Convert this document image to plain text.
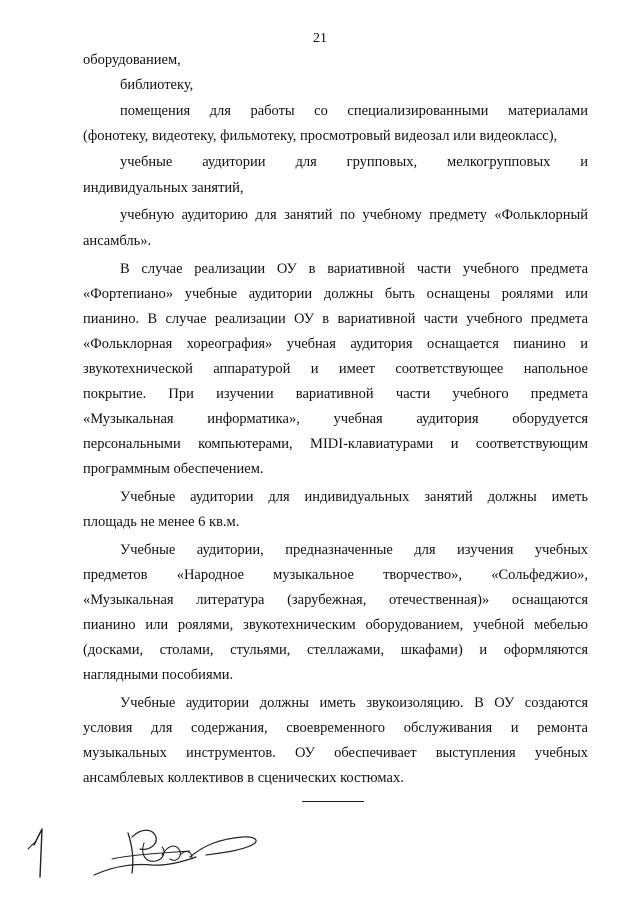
21
оборудованием,
библиотеку,
помещения для работы со специализированными материалами
(фонотеку, видеотеку, фильмотеку, просмотровый видеозал или видеокласс),
учебные аудитории для групповых, мелкогрупповых и
индивидуальных занятий,
учебную аудиторию для занятий по учебному предмету «Фольклорный
ансамбль».
В случае реализации ОУ в вариативной части учебного предмета
«Фортепиано» учебные аудитории должны быть оснащены роялями или
пианино. В случае реализации ОУ в вариативной части учебного предмета
«Фольклорная хореография» учебная аудитория оснащается пианино и
звукотехнической аппаратурой и имеет соответствующее напольное
покрытие. При изучении вариативной части учебного предмета
«Музыкальная информатика», учебная аудитория оборудуется
персональными компьютерами, MIDI-клавиатурами и соответствующим
программным обеспечением.
Учебные аудитории для индивидуальных занятий должны иметь
площадь не менее 6 кв.м.
Учебные аудитории, предназначенные для изучения учебных
предметов «Народное музыкальное творчество», «Сольфеджио»,
«Музыкальная литература (зарубежная, отечественная)» оснащаются
пианино или роялями, звукотехническим оборудованием, учебной мебелью
(досками, столами, стульями, стеллажами, шкафами) и оформляются
наглядными пособиями.
Учебные аудитории должны иметь звукоизоляцию. В ОУ создаются
условия для содержания, своевременного обслуживания и ремонта
музыкальных инструментов. ОУ обеспечивает выступления учебных
ансамблевых коллективов в сценических костюмах.
